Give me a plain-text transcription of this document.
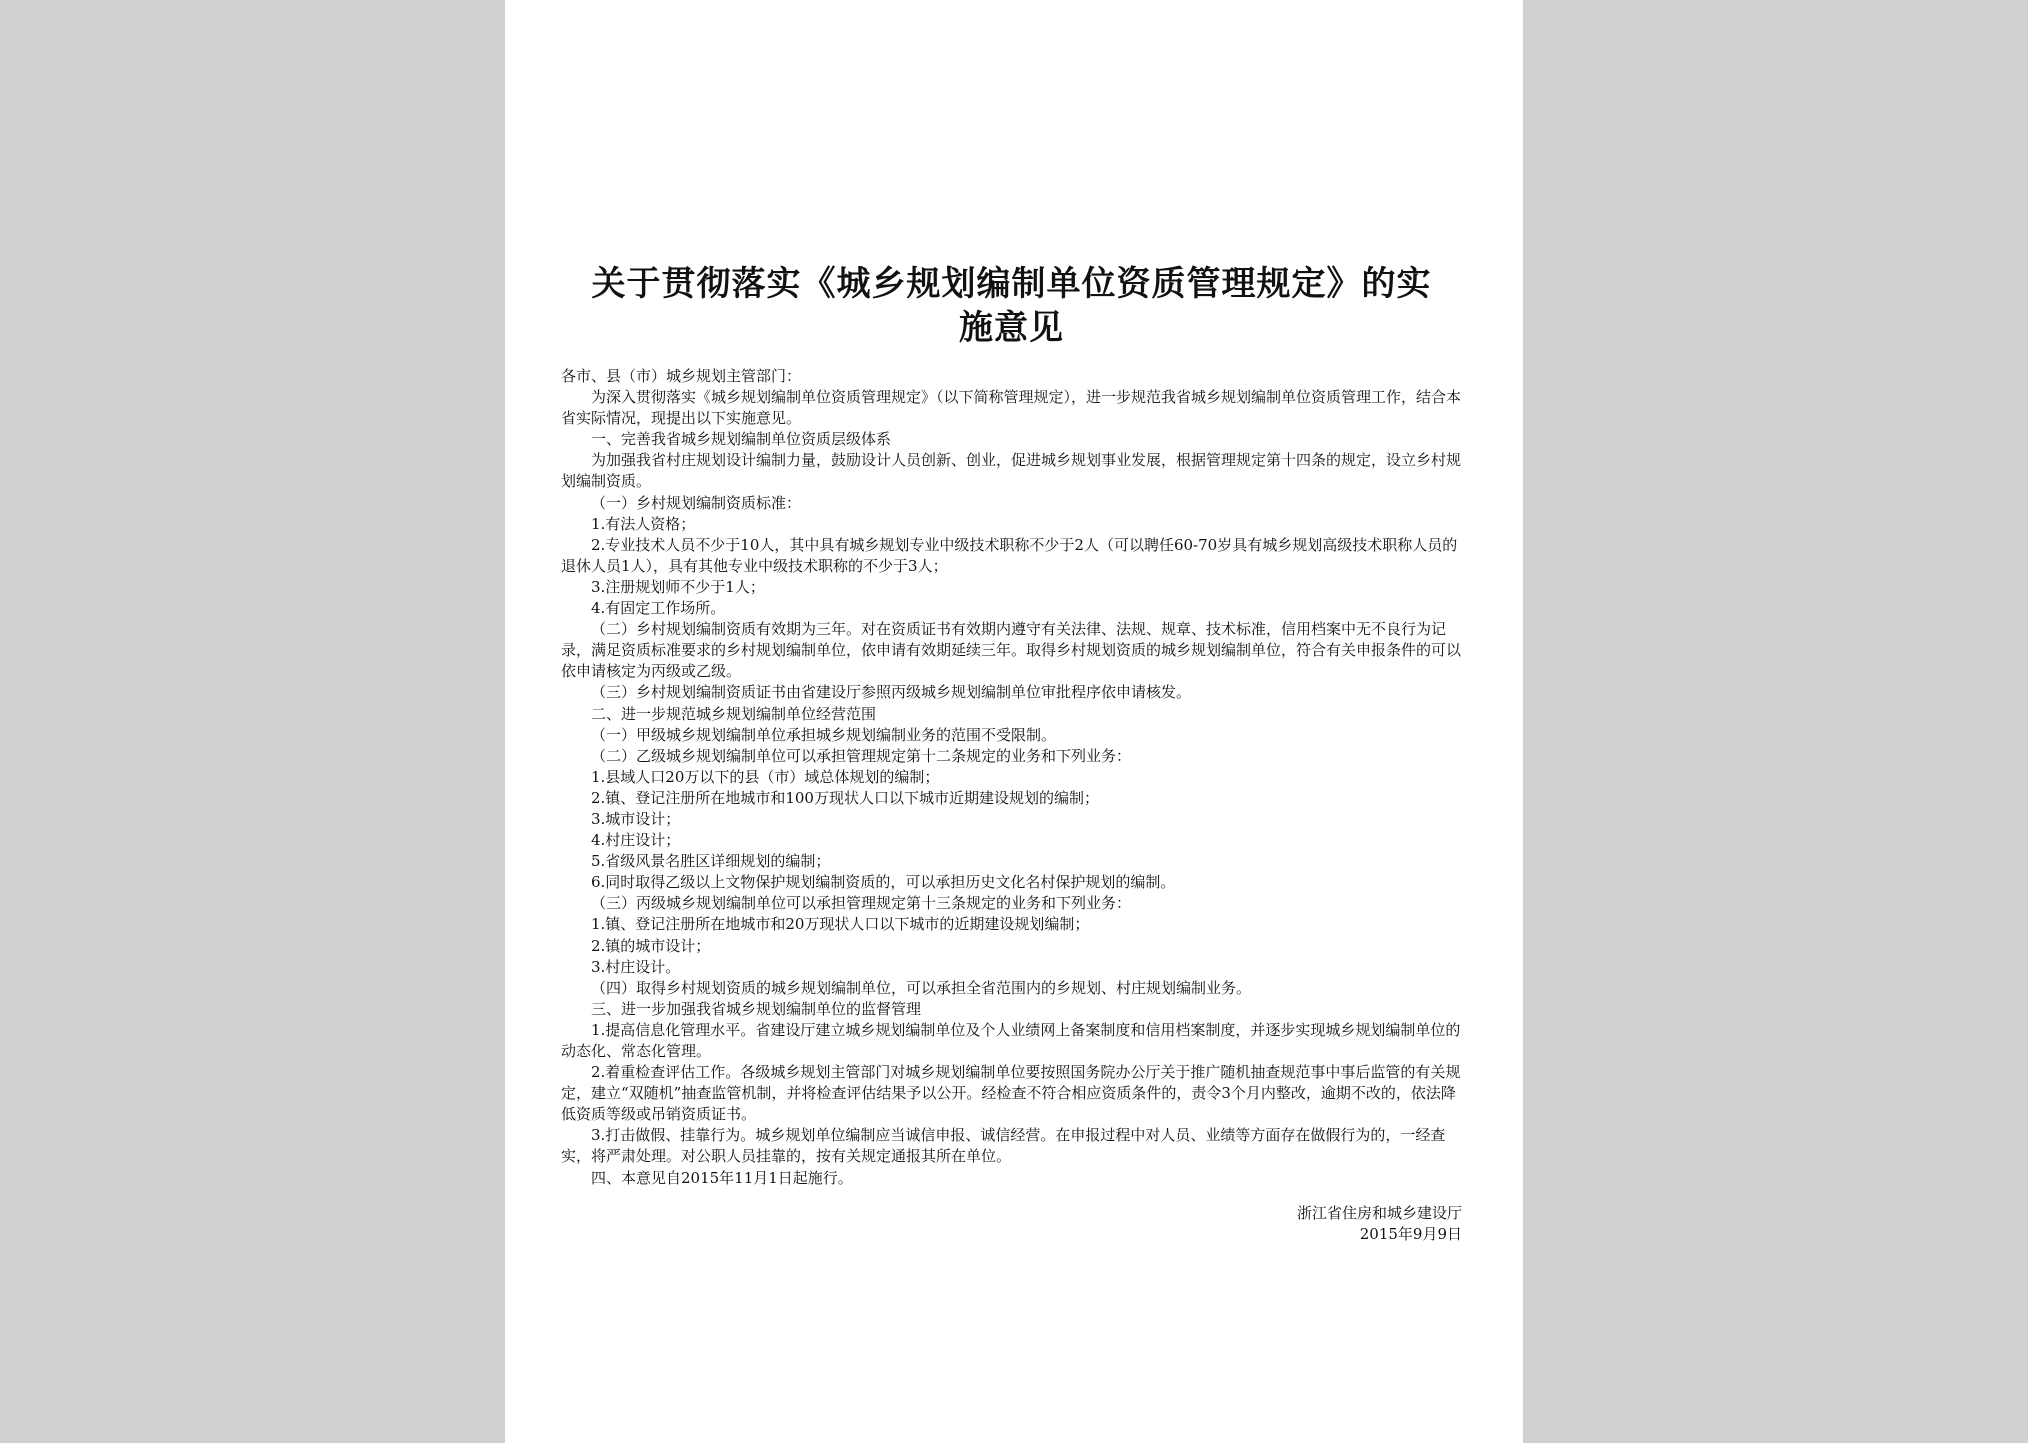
关于贯彻落实《城乡规划编制单位资质管理规定》的实
施意见

各市、县（市）城乡规划主管部门：

为深入贯彻落实《城乡规划编制单位资质管理规定》（以下简称管理规定），进一步规范我省城乡规划编制单位资质管理工作，结合本省实际情况，现提出以下实施意见。

一、完善我省城乡规划编制单位资质层级体系

为加强我省村庄规划设计编制力量，鼓励设计人员创新、创业，促进城乡规划事业发展，根据管理规定第十四条的规定，设立乡村规划编制资质。

（一）乡村规划编制资质标准：

1.有法人资格；

2.专业技术人员不少于10人，其中具有城乡规划专业中级技术职称不少于2人（可以聘任60-70岁具有城乡规划高级技术职称人员的退休人员1人），具有其他专业中级技术职称的不少于3人；

3.注册规划师不少于1人；

4.有固定工作场所。

（二）乡村规划编制资质有效期为三年。对在资质证书有效期内遵守有关法律、法规、规章、技术标准，信用档案中无不良行为记录，满足资质标准要求的乡村规划编制单位，依申请有效期延续三年。取得乡村规划资质的城乡规划编制单位，符合有关申报条件的可以依申请核定为丙级或乙级。

（三）乡村规划编制资质证书由省建设厅参照丙级城乡规划编制单位审批程序依申请核发。

二、进一步规范城乡规划编制单位经营范围

（一）甲级城乡规划编制单位承担城乡规划编制业务的范围不受限制。

（二）乙级城乡规划编制单位可以承担管理规定第十二条规定的业务和下列业务：

1.县域人口20万以下的县（市）域总体规划的编制；

2.镇、登记注册所在地城市和100万现状人口以下城市近期建设规划的编制；

3.城市设计；

4.村庄设计；

5.省级风景名胜区详细规划的编制；

6.同时取得乙级以上文物保护规划编制资质的，可以承担历史文化名村保护规划的编制。

（三）丙级城乡规划编制单位可以承担管理规定第十三条规定的业务和下列业务：

1.镇、登记注册所在地城市和20万现状人口以下城市的近期建设规划编制；

2.镇的城市设计；

3.村庄设计。

（四）取得乡村规划资质的城乡规划编制单位，可以承担全省范围内的乡规划、村庄规划编制业务。

三、进一步加强我省城乡规划编制单位的监督管理

1.提高信息化管理水平。省建设厅建立城乡规划编制单位及个人业绩网上备案制度和信用档案制度，并逐步实现城乡规划编制单位的动态化、常态化管理。

2.着重检查评估工作。各级城乡规划主管部门对城乡规划编制单位要按照国务院办公厅关于推广随机抽查规范事中事后监管的有关规定，建立“双随机”抽查监管机制，并将检查评估结果予以公开。经检查不符合相应资质条件的，责令3个月内整改，逾期不改的，依法降低资质等级或吊销资质证书。

3.打击做假、挂靠行为。城乡规划单位编制应当诚信申报、诚信经营。在申报过程中对人员、业绩等方面存在做假行为的，一经查实，将严肃处理。对公职人员挂靠的，按有关规定通报其所在单位。

四、本意见自2015年11月1日起施行。

浙江省住房和城乡建设厅
2015年9月9日
